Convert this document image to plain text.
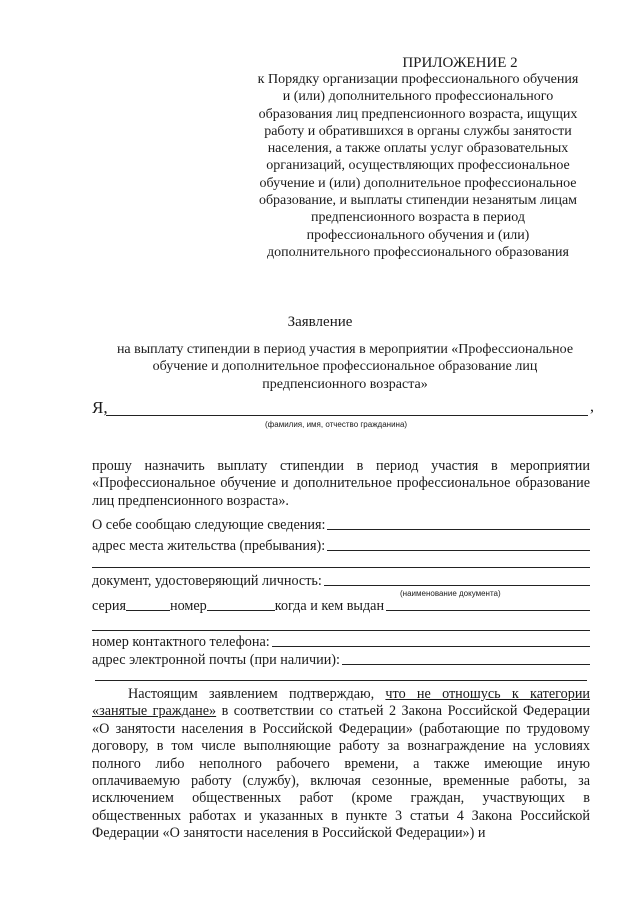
ПРИЛОЖЕНИЕ 2
к Порядку организации профессионального обучения
и (или) дополнительного профессионального
образования лиц предпенсионного возраста, ищущих
работу и обратившихся в органы службы занятости
населения, а также оплаты услуг образовательных
организаций, осуществляющих профессиональное
обучение и (или) дополнительное профессиональное
образование, и выплаты стипендии незанятым лицам
предпенсионного возраста в период
профессионального обучения и (или)
дополнительного профессионального образования
Заявление
на выплату стипендии в период участия в мероприятии «Профессиональное
обучение и дополнительное профессиональное образование лиц
предпенсионного возраста»
Я,	,
(фамилия, имя, отчество гражданина)
прошу назначить выплату стипендии в период участия в мероприятии «Профессиональное обучение и дополнительное профессиональное образование лиц предпенсионного возраста».
О себе сообщаю следующие сведения:
адрес места жительства (пребывания):
документ, удостоверяющий личность:
(наименование документа)
серия	номер	когда и кем выдан
номер контактного телефона:
адрес электронной почты (при наличии):
Настоящим заявлением подтверждаю, что не отношусь к категории «занятые граждане» в соответствии со статьей 2 Закона Российской Федерации «О занятости населения в Российской Федерации» (работающие по трудовому договору, в том числе выполняющие работу за вознаграждение на условиях полного либо неполного рабочего времени, а также имеющие иную оплачиваемую работу (службу), включая сезонные, временные работы, за исключением общественных работ (кроме граждан, участвующих в общественных работах и указанных в пункте 3 статьи 4 Закона Российской Федерации «О занятости населения в Российской Федерации») и
